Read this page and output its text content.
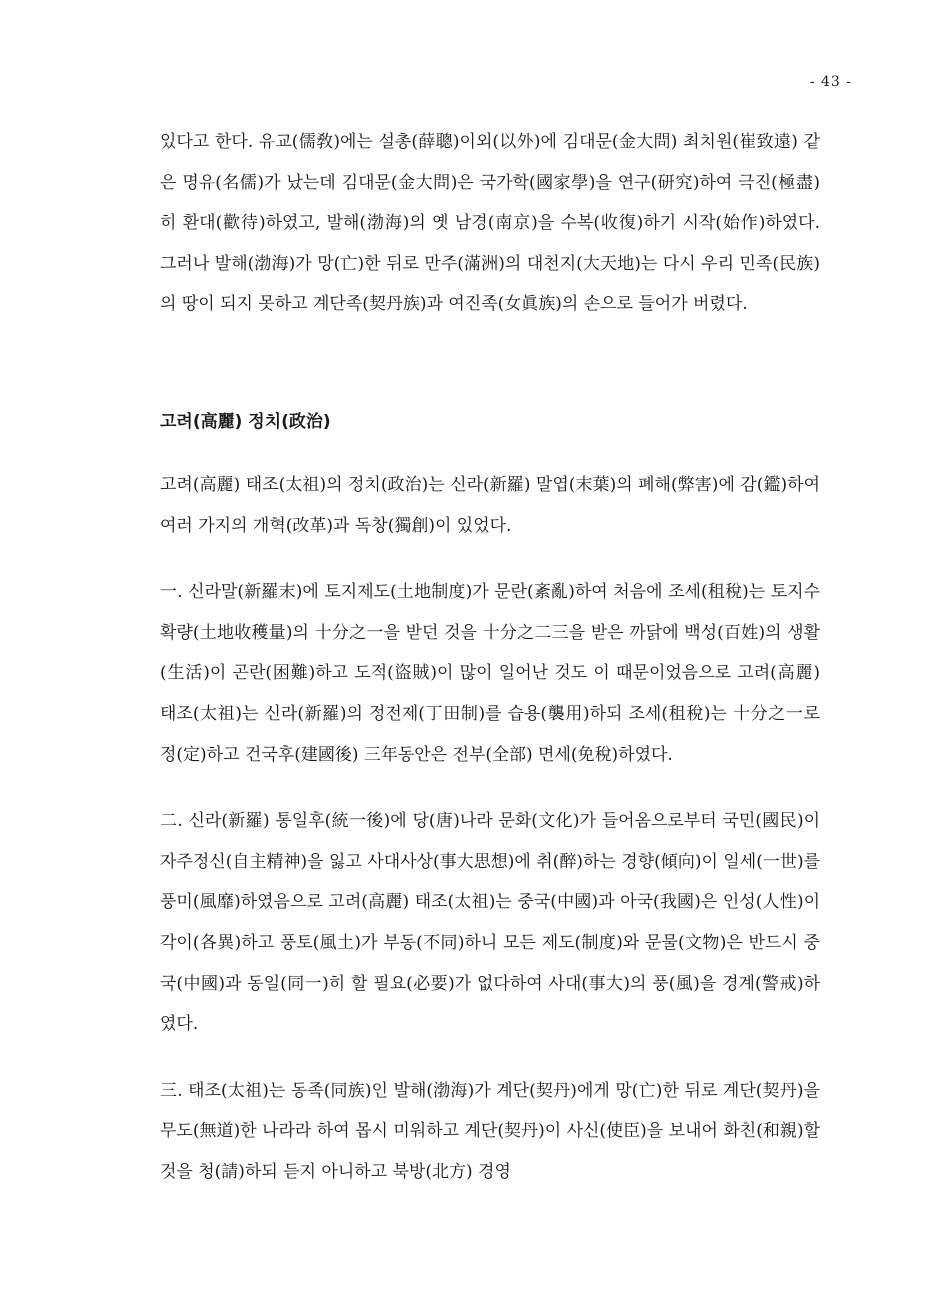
- 43 -

있다고 한다. 유교(儒敎)에는 설총(薛聰)이외(以外)에 김대문(金大問) 최치원(崔致遠) 같은 명유(名儒)가 났는데 김대문(金大問)은 국가학(國家學)을 연구(研究)하여 극진(極盡)히 환대(歡待)하였고, 발해(渤海)의 옛 남경(南京)을 수복(收復)하기 시작(始作)하였다. 그러나 발해(渤海)가 망(亡)한 뒤로 만주(滿洲)의 대천지(大天地)는 다시 우리 민족(民族)의 땅이 되지 못하고 계단족(契丹族)과 여진족(女眞族)의 손으로 들어가 버렸다.

고려(高麗) 정치(政治)

고려(高麗) 태조(太祖)의 정치(政治)는 신라(新羅) 말엽(末葉)의 폐해(弊害)에 감(鑑)하여 여러 가지의 개혁(改革)과 독창(獨創)이 있었다.

一. 신라말(新羅末)에 토지제도(土地制度)가 문란(紊亂)하여 처음에 조세(租稅)는 토지수확량(土地收穫量)의 十分之一을 받던 것을 十分之二三을 받은 까닭에 백성(百姓)의 생활(生活)이 곤란(困難)하고 도적(盜賊)이 많이 일어난 것도 이 때문이었음으로 고려(高麗) 태조(太祖)는 신라(新羅)의 정전제(丁田制)를 습용(襲用)하되 조세(租稅)는 十分之一로 정(定)하고 건국후(建國後) 三年동안은 전부(全部) 면세(免稅)하였다.

二. 신라(新羅) 통일후(統一後)에 당(唐)나라 문화(文化)가 들어옴으로부터 국민(國民)이 자주정신(自主精神)을 잃고 사대사상(事大思想)에 취(醉)하는 경향(傾向)이 일세(一世)를 풍미(風靡)하였음으로 고려(高麗) 태조(太祖)는 중국(中國)과 아국(我國)은 인성(人性)이 각이(各異)하고 풍토(風土)가 부동(不同)하니 모든 제도(制度)와 문물(文物)은 반드시 중국(中國)과 동일(同一)히 할 필요(必要)가 없다하여 사대(事大)의 풍(風)을 경계(警戒)하였다.

三. 태조(太祖)는 동족(同族)인 발해(渤海)가 계단(契丹)에게 망(亡)한 뒤로 계단(契丹)을 무도(無道)한 나라라 하여 몹시 미워하고 계단(契丹)이 사신(使臣)을 보내어 화친(和親)할 것을 청(請)하되 듣지 아니하고 북방(北方) 경영
